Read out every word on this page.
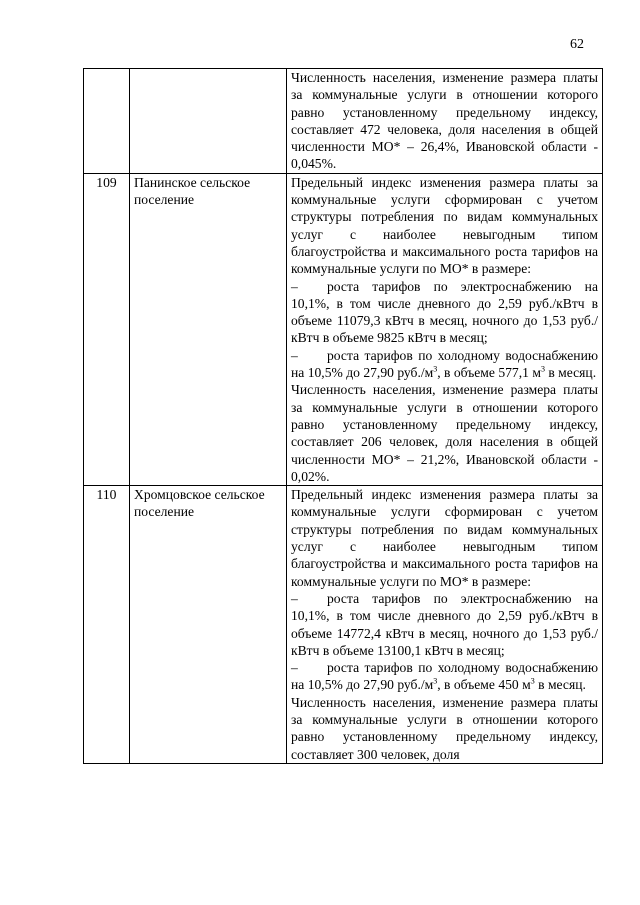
62

		Численность населения, изменение размера платы за коммунальные услуги в отношении которого равно установленному предельному индексу, составляет 472 человека, доля населения в общей численности МО* – 26,4%, Ивановской области - 0,045%.

109	Панинское сельское поселение	Предельный индекс изменения размера платы за коммунальные услуги сформирован с учетом структуры потребления по видам коммунальных услуг с наиболее невыгодным типом благоустройства и максимального роста тарифов на коммунальные услуги по МО* в размере:

– роста тарифов по электроснабжению на 10,1%, в том числе дневного до 2,59 руб./кВтч в объеме 11079,3 кВтч в месяц, ночного до 1,53 руб./кВтч в объеме 9825 кВтч в месяц;

– роста тарифов по холодному водоснабжению на 10,5% до 27,90 $руб./м^3$, в объеме 577,1 $м^3$ в месяц.

Численность населения, изменение размера платы за коммунальные услуги в отношении которого равно установленному предельному индексу, составляет 206 человек, доля населения в общей численности МО* – 21,2%, Ивановской области - 0,02%.

110	Хромцовское сельское поселение	Предельный индекс изменения размера платы за коммунальные услуги сформирован с учетом структуры потребления по видам коммунальных услуг с наиболее невыгодным типом благоустройства и максимального роста тарифов на коммунальные услуги по МО* в размере:

– роста тарифов по электроснабжению на 10,1%, в том числе дневного до 2,59 руб./кВтч в объеме 14772,4 кВтч в месяц, ночного до 1,53 руб./кВтч в объеме 13100,1 кВтч в месяц;

– роста тарифов по холодному водоснабжению на 10,5% до 27,90 $руб./м^3$, в объеме 450 $м^3$ в месяц.

Численность населения, изменение размера платы за коммунальные услуги в отношении которого равно установленному предельному индексу, составляет 300 человек, доля
